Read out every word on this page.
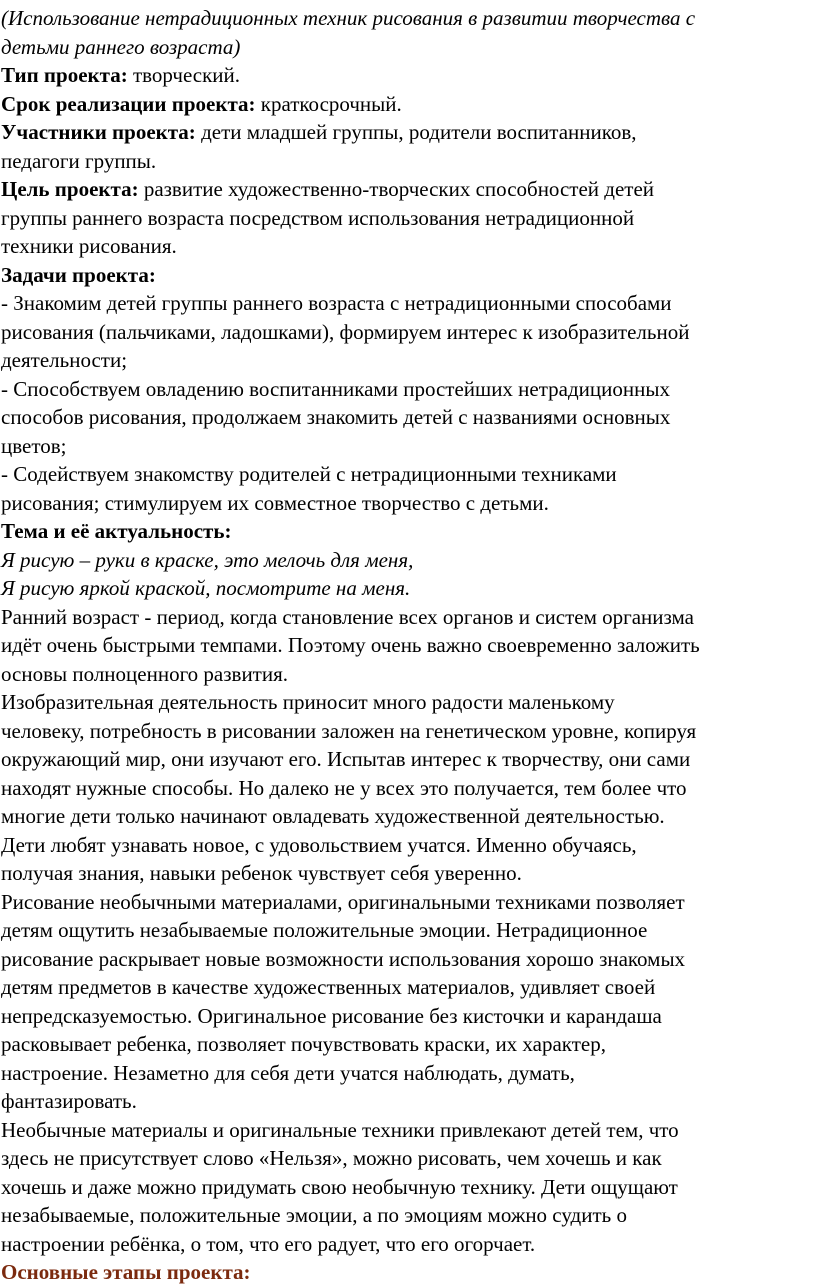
(Использование нетрадиционных техник рисования в развитии творчества с
детьми раннего возраста)

Тип проекта: творческий.

Срок реализации проекта: краткосрочный.

Участники проекта: дети младшей группы, родители воспитанников,
педагоги группы.

Цель проекта: развитие художественно-творческих способностей детей
группы раннего возраста посредством использования нетрадиционной
техники рисования.

Задачи проекта:

- Знакомим детей группы раннего возраста с нетрадиционными способами
рисования (пальчиками, ладошками), формируем интерес к изобразительной
деятельности;

- Способствуем овладению воспитанниками простейших нетрадиционных
способов рисования, продолжаем знакомить детей с названиями основных
цветов;

- Содействуем знакомству родителей с нетрадиционными техниками
рисования; стимулируем их совместное творчество с детьми.

Тема и её актуальность:

Я рисую – руки в краске, это мелочь для меня,
Я рисую яркой краской, посмотрите на меня.

Ранний возраст - период, когда становление всех органов и систем организма
идёт очень быстрыми темпами. Поэтому очень важно своевременно заложить
основы полноценного развития.

Изобразительная деятельность приносит много радости маленькому
человеку, потребность в рисовании заложен на генетическом уровне, копируя
окружающий мир, они изучают его. Испытав интерес к творчеству, они сами
находят нужные способы. Но далеко не у всех это получается, тем более что
многие дети только начинают овладевать художественной деятельностью.
Дети любят узнавать новое, с удовольствием учатся. Именно обучаясь,
получая знания, навыки ребенок чувствует себя уверенно.

Рисование необычными материалами, оригинальными техниками позволяет
детям ощутить незабываемые положительные эмоции. Нетрадиционное
рисование раскрывает новые возможности использования хорошо знакомых
детям предметов в качестве художественных материалов, удивляет своей
непредсказуемостью. Оригинальное рисование без кисточки и карандаша
расковывает ребенка, позволяет почувствовать краски, их характер,
настроение. Незаметно для себя дети учатся наблюдать, думать,
фантазировать.

Необычные материалы и оригинальные техники привлекают детей тем, что
здесь не присутствует слово «Нельзя», можно рисовать, чем хочешь и как
хочешь и даже можно придумать свою необычную технику. Дети ощущают
незабываемые, положительные эмоции, а по эмоциям можно судить о
настроении ребёнка, о том, что его радует, что его огорчает.

Основные этапы проекта:
